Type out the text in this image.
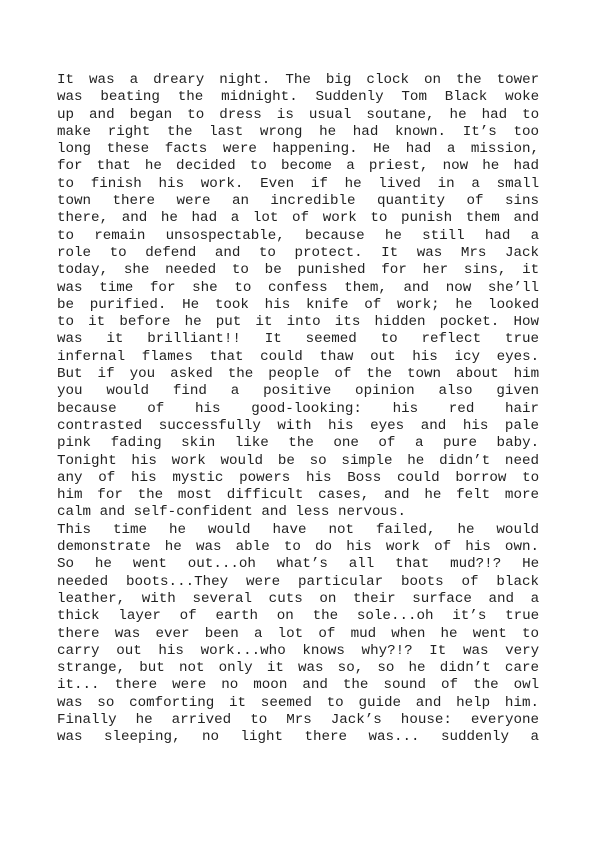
It was a dreary night. The big clock on the tower
was beating the midnight. Suddenly Tom Black woke
up and began to dress is usual soutane, he had to
make right the last wrong he had known. It’s too
long these facts were happening. He had a mission,
for that he decided to become a priest, now he had
to finish his work. Even if he lived in a small
town there were an incredible quantity of sins
there, and he had a lot of work to punish them and
to remain unsospectable, because he still had a
role to defend and to protect. It was Mrs Jack
today, she needed to be punished for her sins, it
was time for she to confess them, and now she’ll
be purified. He took his knife of work; he looked
to it before he put it into its hidden pocket. How
was it brilliant!! It seemed to reflect true
infernal flames that could thaw out his icy eyes.
But if you asked the people of the town about him
you would find a positive opinion also given
because of his good-looking: his red hair
contrasted successfully with his eyes and his pale
pink fading skin like the one of a pure baby.
Tonight his work would be so simple he didn’t need
any of his mystic powers his Boss could borrow to
him for the most difficult cases, and he felt more
calm and self-confident and less nervous.
This time he would have not failed, he would
demonstrate he was able to do his work of his own.
So he went out...oh what’s all that mud?!? He
needed boots...They were particular boots of black
leather, with several cuts on their surface and a
thick layer of earth on the sole...oh it’s true
there was ever been a lot of mud when he went to
carry out his work...who knows why?!? It was very
strange, but not only it was so, so he didn’t care
it... there were no moon and the sound of the owl
was so comforting it seemed to guide and help him.
Finally he arrived to Mrs Jack’s house: everyone
was sleeping, no light there was... suddenly a
